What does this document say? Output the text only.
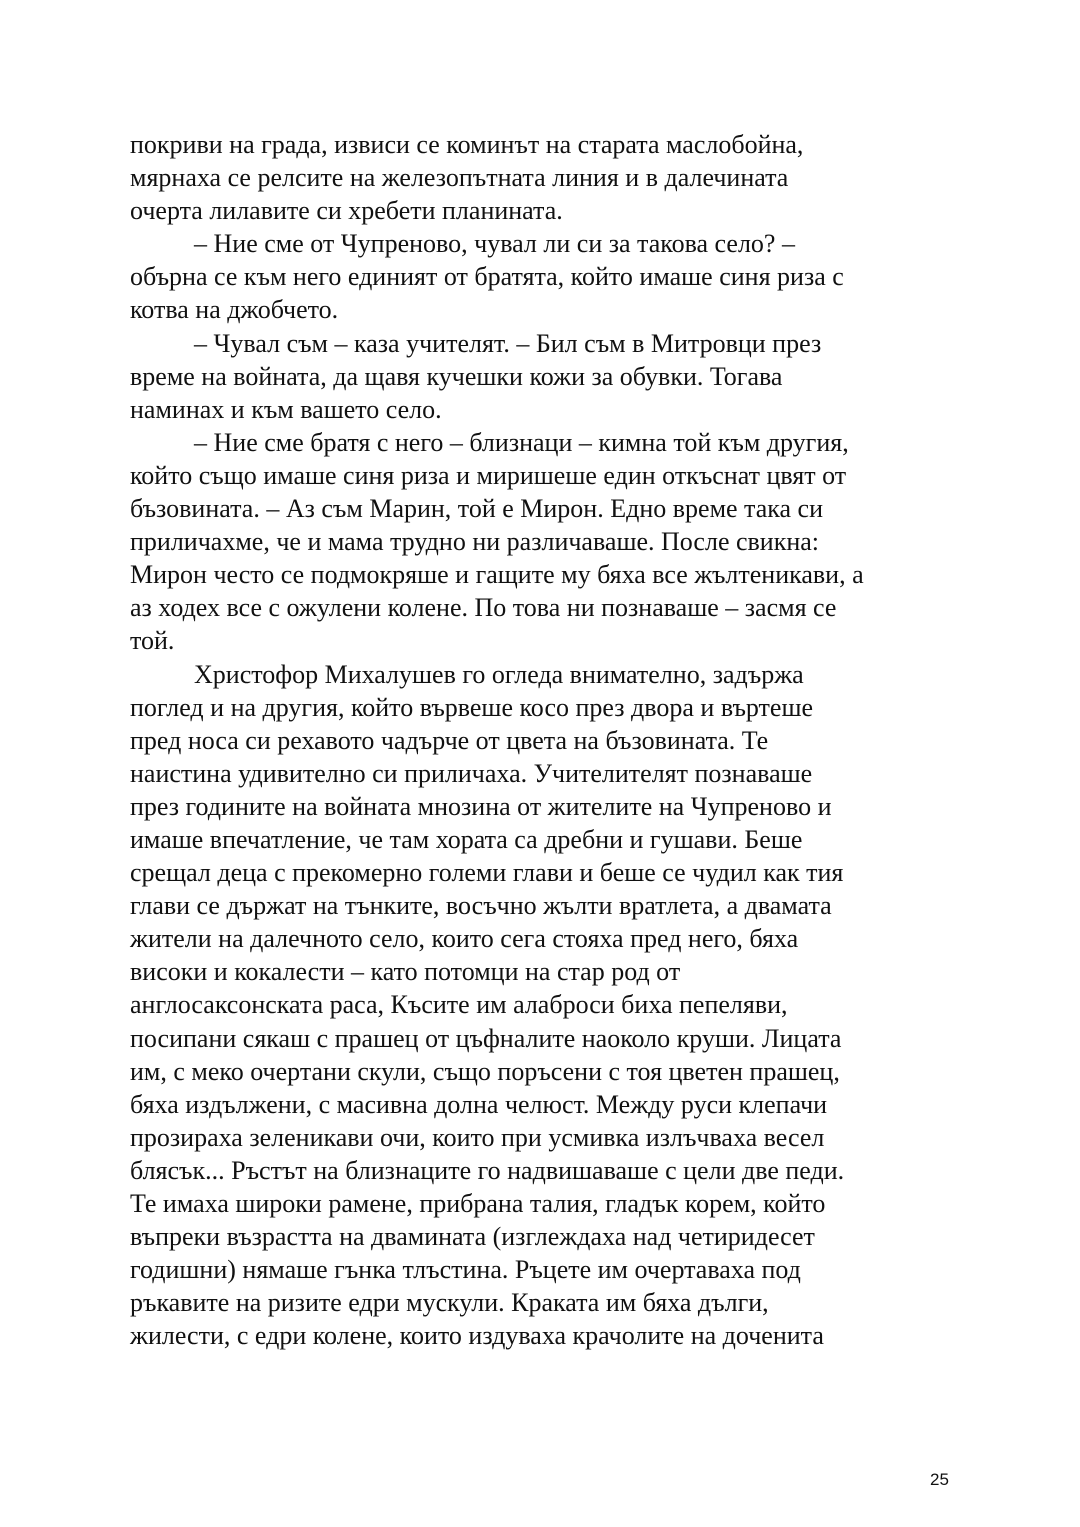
покриви на града, извиси се коминът на старата маслобойна,
мярнаха се релсите на железопътната линия и в далечината
очерта лилавите си хребети планината.
– Ние сме от Чупреново, чувал ли си за такова село? –
обърна се към него единият от братята, който имаше синя риза с
котва на джобчето.
– Чувал съм – каза учителят. – Бил съм в Митровци през
време на войната, да щавя кучешки кожи за обувки. Тогава
наминах и към вашето село.
– Ние сме братя с него – близнаци – кимна той към другия,
който също имаше синя риза и миришеше един откъснат цвят от
бъзовината. – Аз съм Марин, той е Мирон. Едно време така си
приличахме, че и мама трудно ни различаваше. После свикна:
Мирон често се подмокряше и гащите му бяха все жълтеникави, а
аз ходех все с ожулени колене. По това ни познаваше – засмя се
той.
Христофор Михалушев го огледа внимателно, задържа
поглед и на другия, който вървеше косо през двора и въртеше
пред носа си рехавото чадърче от цвета на бъзовината. Те
наистина удивително си приличаха. Учителителят познаваше
през годините на войната мнозина от жителите на Чупреново и
имаше впечатление, че там хората са дребни и гушави. Беше
срещал деца с прекомерно големи глави и беше се чудил как тия
глави се държат на тънките, восъчно жълти вратлета, а двамата
жители на далечното село, които сега стояха пред него, бяха
високи и кокалести – като потомци на стар род от
англосаксонската раса, Късите им алаброси биха пепеляви,
посипани сякаш с прашец от цъфналите наоколо круши. Лицата
им, с меко очертани скули, също поръсени с тоя цветен прашец,
бяха издължени, с масивна долна челюст. Между руси клепачи
прозираха зеленикави очи, които при усмивка излъчваха весел
блясък... Ръстът на близнаците го надвишаваше с цели две педи.
Те имаха широки рамене, прибрана талия, гладък корем, който
въпреки възрастта на двамината (изглеждаха над четиридесет
годишни) нямаше гънка тлъстина. Ръцете им очертаваха под
ръкавите на ризите едри мускули. Краката им бяха дълги,
жилести, с едри колене, които издуваха крачолите на доченита
25
